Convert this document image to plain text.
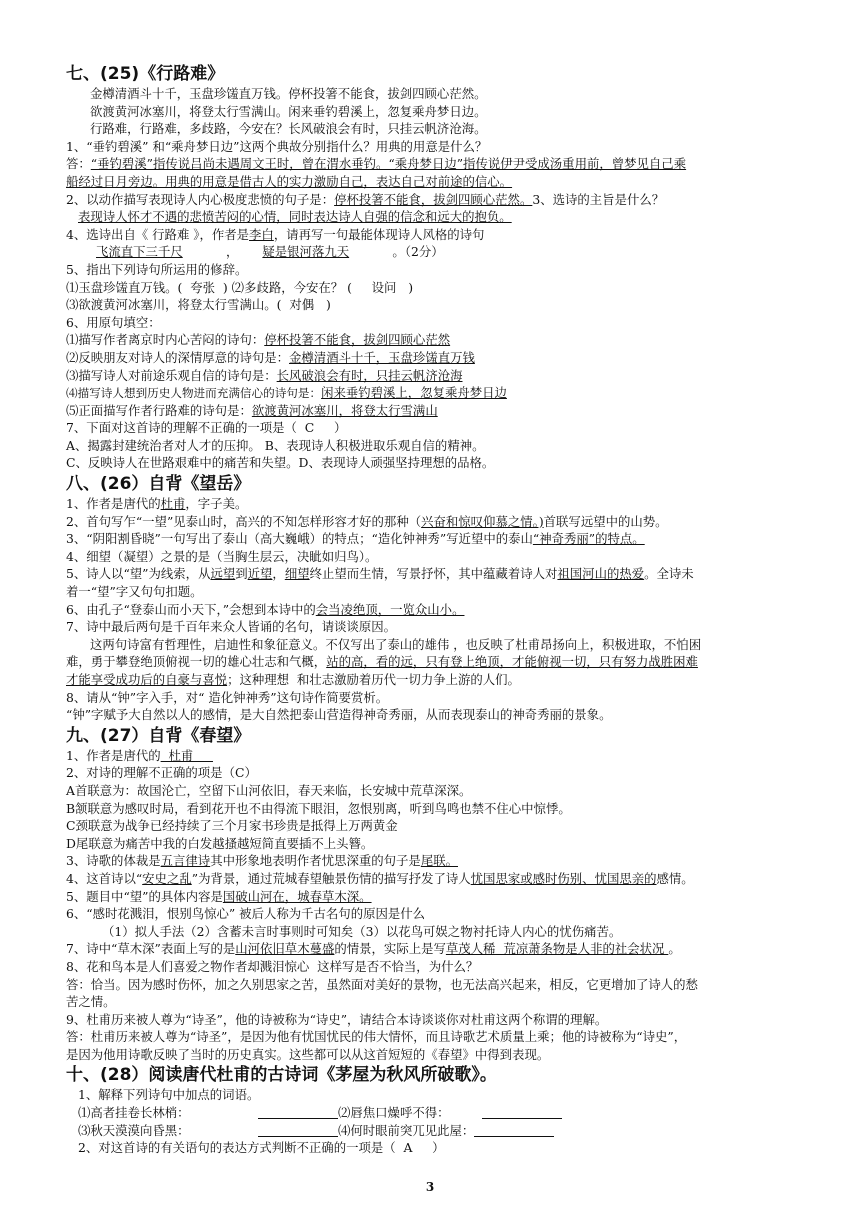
七、(25)《行路难》
金樽清酒斗十千，玉盘珍馐直万钱。停杯投箸不能食，拔剑四顾心茫然。
欲渡黄河冰塞川，将登太行雪满山。闲来垂钓碧溪上，忽复乘舟梦日边。
行路难，行路难，多歧路，今安在？长风破浪会有时，只挂云帆济沧海。
1、“垂钓碧溪” 和“乘舟梦日边”这两个典故分别指什么？用典的用意是什么？
答：“垂钓碧溪”指传说吕尚未遇周文王时，曾在渭水垂钓。“乘舟梦日边”指传说伊尹受成汤重用前，曾梦见自己乘
船经过日月旁边。用典的用意是借古人的实力激励自己，表达自己对前途的信心。
2、以动作描写表现诗人内心极度悲愤的句子是：停杯投箸不能食，拔剑四顾心茫然。3、选诗的主旨是什么？
表现诗人怀才不遇的悲愤苦闷的心情，同时表达诗人自强的信念和远大的抱负。
4、选诗出自《 行路难 》，作者是李白，请再写一句最能体现诗人风格的诗句
飞流直下三千尺	， 疑是银河落九天	。（2分）
5、指出下列诗句所运用的修辞。
⑴玉盘珍馐直万钱。(  夸张  ) ⑵多歧路，今安在？ (     设问   )
⑶欲渡黄河冰塞川，将登太行雪满山。(  对偶   )
6、用原句填空：
⑴描写作者离京时内心苦闷的诗句：停杯投箸不能食，拔剑四顾心茫然
⑵反映朋友对诗人的深情厚意的诗句是：金樽清酒斗十千，玉盘珍馐直万钱
⑶描写诗人对前途乐观自信的诗句是：长风破浪会有时，只挂云帆济沧海
⑷描写诗人想到历史人物进而充满信心的诗句是：闲来垂钓碧溪上，忽复乘舟梦日边
⑸正面描写作者行路难的诗句是：欲渡黄河冰塞川，将登太行雪满山
7、下面对这首诗的理解不正确的一项是（  C     ）
A、揭露封建统治者对人才的压抑。 B、表现诗人积极进取乐观自信的精神。
C、反映诗人在世路艰难中的痛苦和失望。D、表现诗人顽强坚持理想的品格。
八、(26）自背《望岳》
1、作者是唐代的杜甫，字子美。
2、首句写乍“一望”见泰山时，高兴的不知怎样形容才好的那种（兴奋和惊叹仰慕之情。)首联写远望中的山势。
3、“阴阳割昏晓”一句写出了泰山（高大巍峨）的特点；“造化钟神秀”写近望中的泰山“神奇秀丽”的特点。
4、细望（凝望）之景的是（当胸生层云，决眦如归鸟）。
5、诗人以“望”为线索，从远望到近望，细望终止望而生情，写景抒怀，其中蕴藏着诗人对祖国河山的热爱。全诗未
着一“望”字又句句扣题。
6、由孔子“登泰山而小天下，”会想到本诗中的会当凌绝顶，一览众山小。
7、诗中最后两句是千百年来众人皆诵的名句，请谈谈原因。
这两句诗富有哲理性，启迪性和象征意义。不仅写出了泰山的雄伟 ，也反映了杜甫昂扬向上，积极进取，不怕困
难，勇于攀登绝顶俯视一切的雄心壮志和气概，站的高，看的远，只有登上绝顶，才能俯视一切，只有努力战胜困难
才能享受成功后的自豪与喜悦；这种理想  和壮志激励着历代一切力争上游的人们。
8、请从“钟”字入手，对“ 造化钟神秀”这句诗作简要赏析。
“钟”字赋予大自然以人的感情，是大自然把泰山营造得神奇秀丽，从而表现泰山的神奇秀丽的景象。
九、(27）自背《春望》
1、作者是唐代的  杜甫
2、对诗的理解不正确的项是（C）
A首联意为：故国沦亡，空留下山河依旧，春天来临，长安城中荒草深深。
B颔联意为感叹时局，看到花开也不由得流下眼泪，忽恨别离，听到鸟鸣也禁不住心中惊悸。
C颈联意为战争已经持续了三个月家书珍贵是抵得上万两黄金
D尾联意为痛苦中我的白发越搔越短简直要插不上头簪。
3、诗歌的体裁是五言律诗其中形象地表明作者忧思深重的句子是尾联。
4、这首诗以“安史之乱”为背景，通过荒城春望触景伤情的描写抒发了诗人忧国思家或感时伤别、忧国思亲的感情。
5、题目中“望”的具体内容是国破山河在，城春草木深。
6、“感时花溅泪，恨别鸟惊心” 被后人称为千古名句的原因是什么
（1）拟人手法（2）含蓄未言时事则时可知矣（3）以花鸟可娱之物衬托诗人内心的忧伤痛苦。
7、诗中“草木深”表面上写的是山河依旧草木蔓盛的情景，实际上是写草茂人稀  荒凉萧条物是人非的社会状况 。
8、花和鸟本是人们喜爱之物作者却溅泪惊心  这样写是否不恰当，为什么？
答：恰当。因为感时伤怀，加之久别思家之苦，虽然面对美好的景物，也无法高兴起来，相反，它更增加了诗人的愁
苦之情。
9、杜甫历来被人尊为“诗圣”，他的诗被称为“诗史”，请结合本诗谈谈你对杜甫这两个称谓的理解。
答：杜甫历来被人尊为“诗圣”，是因为他有忧国忧民的伟大情怀，而且诗歌艺术质量上乘；他的诗被称为“诗史”，
是因为他用诗歌反映了当时的历史真实。这些都可以从这首短短的《春望》中得到表现。
十、(28）阅读唐代杜甫的古诗词《茅屋为秋风所破歌》。
1、解释下列诗句中加点的词语。
⑴高者挂卷长林梢：	⑵唇焦口燥呼不得：
⑶秋天漠漠向昏黑：	⑷何时眼前突兀见此屋：
2、对这首诗的有关语句的表达方式判断不正确的一项是（  A     ）
3
